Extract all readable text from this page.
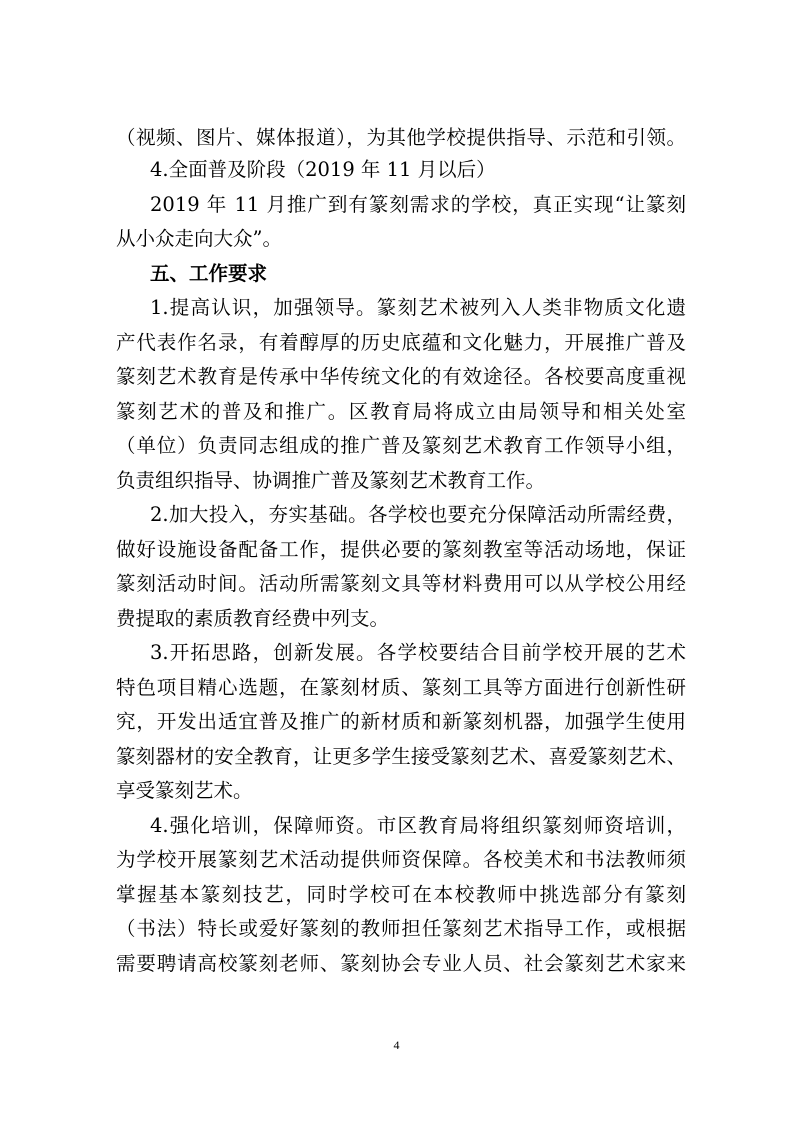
（视频、图片、媒体报道），为其他学校提供指导、示范和引领。
4.全面普及阶段（2019 年 11 月以后）
2019 年 11 月推广到有篆刻需求的学校，真正实现“让篆刻
从小众走向大众”。
五、工作要求
1.提高认识，加强领导。篆刻艺术被列入人类非物质文化遗
产代表作名录，有着醇厚的历史底蕴和文化魅力，开展推广普及
篆刻艺术教育是传承中华传统文化的有效途径。各校要高度重视
篆刻艺术的普及和推广。区教育局将成立由局领导和相关处室
（单位）负责同志组成的推广普及篆刻艺术教育工作领导小组，
负责组织指导、协调推广普及篆刻艺术教育工作。
2.加大投入，夯实基础。各学校也要充分保障活动所需经费，
做好设施设备配备工作，提供必要的篆刻教室等活动场地，保证
篆刻活动时间。活动所需篆刻文具等材料费用可以从学校公用经
费提取的素质教育经费中列支。
3.开拓思路，创新发展。各学校要结合目前学校开展的艺术
特色项目精心选题，在篆刻材质、篆刻工具等方面进行创新性研
究，开发出适宜普及推广的新材质和新篆刻机器，加强学生使用
篆刻器材的安全教育，让更多学生接受篆刻艺术、喜爱篆刻艺术、
享受篆刻艺术。
4.强化培训，保障师资。市区教育局将组织篆刻师资培训，
为学校开展篆刻艺术活动提供师资保障。各校美术和书法教师须
掌握基本篆刻技艺，同时学校可在本校教师中挑选部分有篆刻
（书法）特长或爱好篆刻的教师担任篆刻艺术指导工作，或根据
需要聘请高校篆刻老师、篆刻协会专业人员、社会篆刻艺术家来
4
